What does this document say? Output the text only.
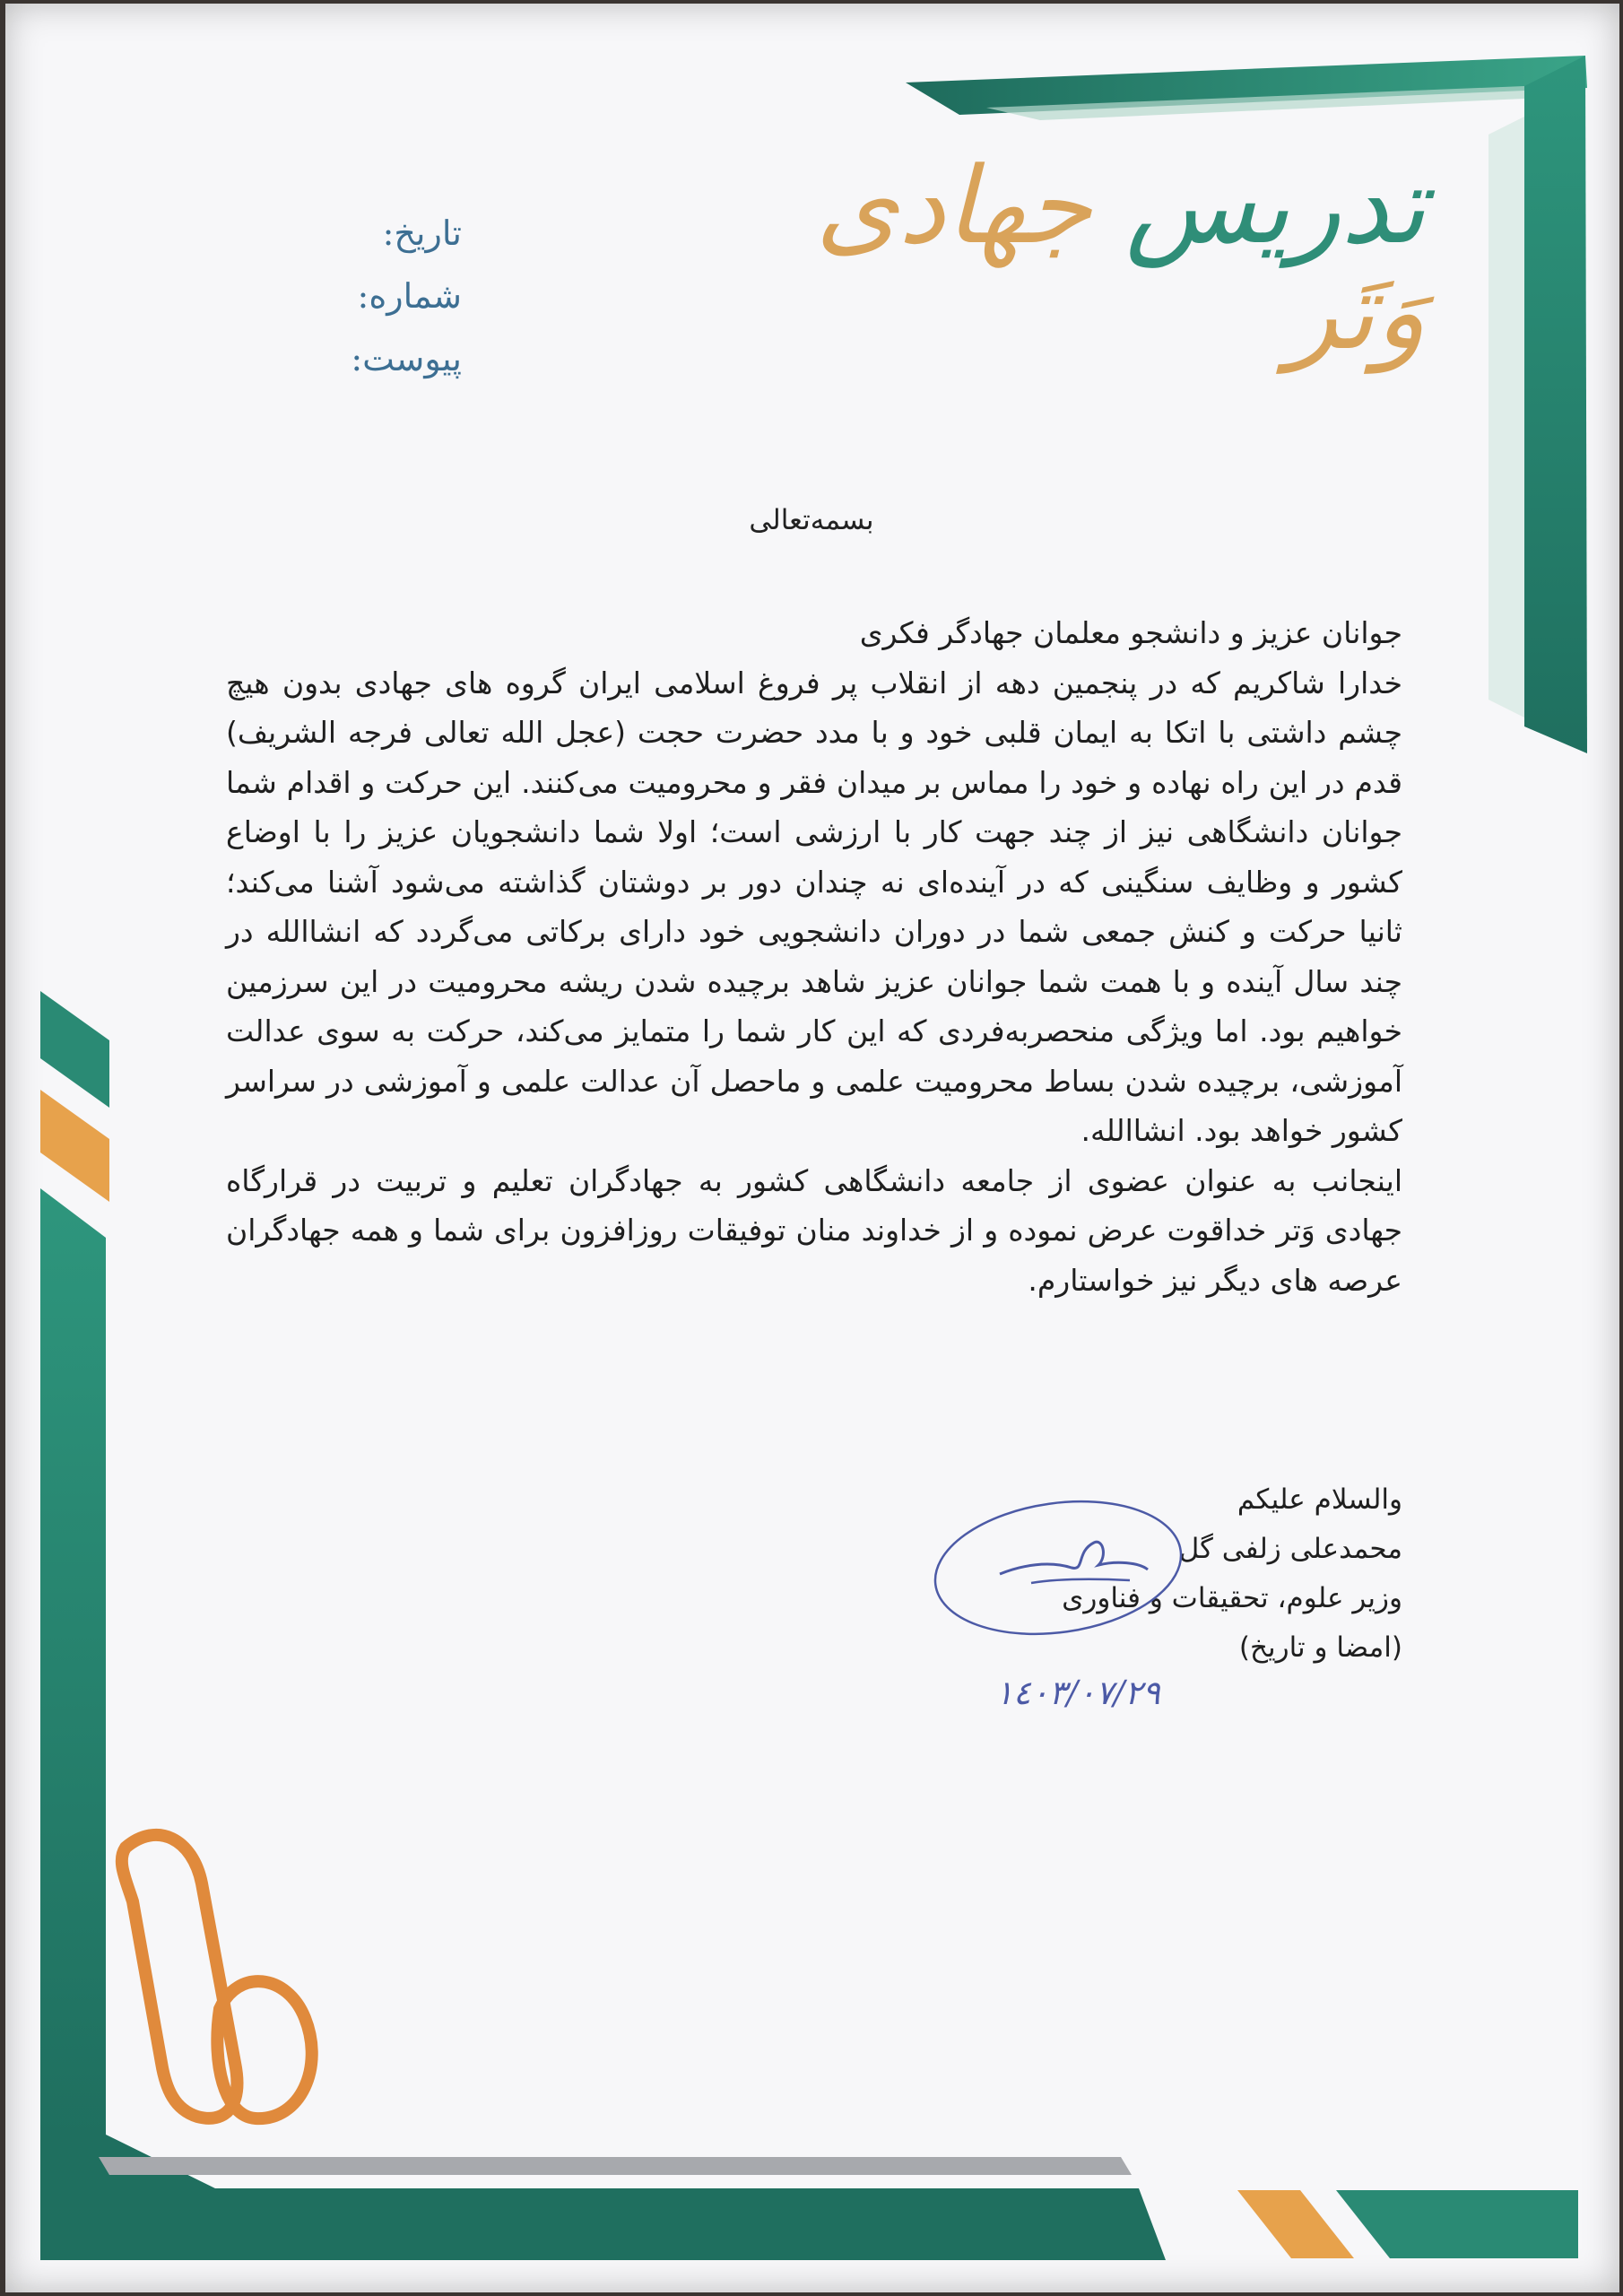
تدریس جهادی وَتَر
تاریخ:
شماره:
پیوست:
بسمه‌تعالی

جوانان عزیز و دانشجو معلمان جهادگر فکری

خدارا شاکریم که در پنجمین دهه از انقلاب پر فروغ اسلامی ایران گروه های جهادی بدون هیچ چشم داشتی با اتکا به ایمان قلبی خود و با مدد حضرت حجت (عجل الله تعالی فرجه الشریف) قدم در این راه نهاده و خود را مماس بر میدان فقر و محرومیت می‌کنند. این حرکت و اقدام شما جوانان دانشگاهی نیز از چند جهت کار با ارزشی است؛ اولا شما دانشجویان عزیز را با اوضاع کشور و وظایف سنگینی که در آینده‌ای نه چندان دور بر دوشتان گذاشته می‌شود آشنا می‌کند؛ ثانیا حرکت و کنش جمعی شما در دوران دانشجویی خود دارای برکاتی می‌گردد که انشاالله در چند سال آینده و با همت شما جوانان عزیز شاهد برچیده شدن ریشه محرومیت در این سرزمین خواهیم بود. اما ویژگی منحصربه‌فردی که این کار شما را متمایز می‌کند، حرکت به سوی عدالت آموزشی، برچیده شدن بساط محرومیت علمی و ماحصل آن عدالت علمی و آموزشی در سراسر کشور خواهد بود. انشاالله.

اینجانب به عنوان عضوی از جامعه دانشگاهی کشور به جهادگران تعلیم و تربیت در قرارگاه جهادی وَتر خداقوت عرض نموده و از خداوند منان توفیقات روزافزون برای شما و همه جهادگران عرصه های دیگر نیز خواستارم.

والسلام علیکم
محمدعلی زلفی گل
وزیر علوم، تحقیقات و فناوری
(امضا و تاریخ)
١٤٠٣/٠٧/٢٩
